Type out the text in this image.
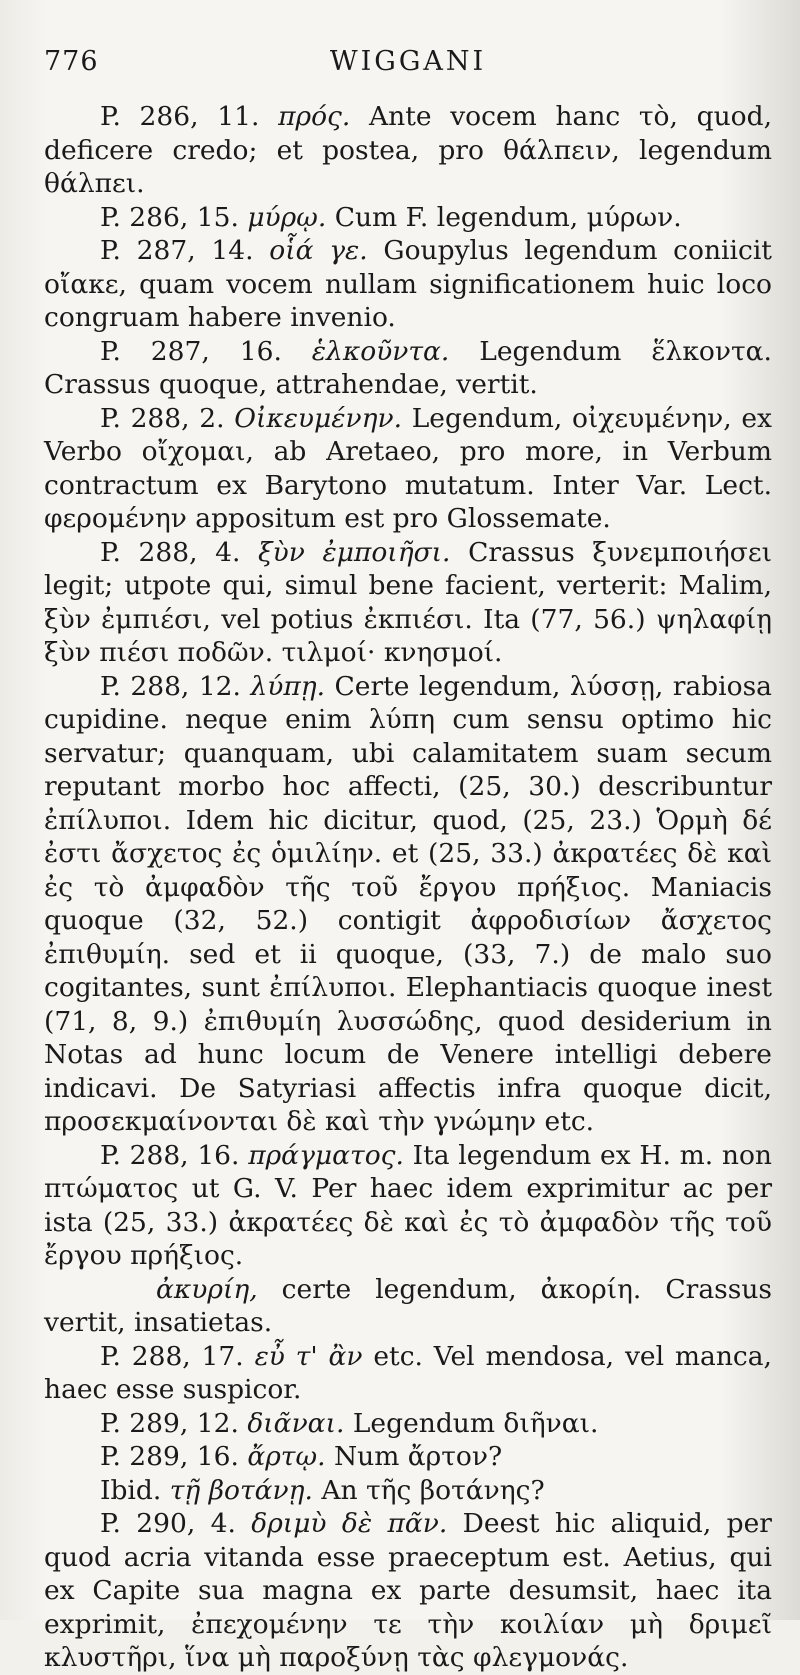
776	WIGGANI

P. 286, 11. πρός. Ante vocem hanc τὸ, quod, deficere credo; et postea, pro θάλπειν, legendum θάλπει.

P. 286, 15. μύρῳ. Cum F. legendum, μύρων.

P. 287, 14. οἷά γε. Goupylus legendum coniicit οἴακε, quam vocem nullam significationem huic loco congruam habere invenio.

P. 287, 16. ἑλκοῦντα. Legendum ἕλκοντα. Crassus quoque, attrahendae, vertit.

P. 288, 2. Οἰκευμένην. Legendum, οἰχευμένην, ex Verbo οἴχομαι, ab Aretaeo, pro more, in Verbum contractum ex Barytono mutatum. Inter Var. Lect. φερομένην appositum est pro Glossemate.

P. 288, 4. ξὺν ἐμποιῆσι. Crassus ξυνεμποιήσει legit; utpote qui, simul bene facient, verterit: Malim, ξὺν ἐμπιέσι, vel potius ἐκπιέσι. Ita (77, 56.) ψηλαφίῃ ξὺν πιέσι ποδῶν. τιλμοί· κνησμοί.

P. 288, 12. λύπῃ. Certe legendum, λύσσῃ, rabiosa cupidine. neque enim λύπη cum sensu optimo hic servatur; quanquam, ubi calamitatem suam secum reputant morbo hoc affecti, (25, 30.) describuntur ἐπίλυποι. Idem hic dicitur, quod, (25, 23.) Ὁρμὴ δέ ἐστι ἄσχετος ἐς ὁμιλίην. et (25, 33.) ἀκρατέες δὲ καὶ ἐς τὸ ἀμφαδὸν τῆς τοῦ ἔργου πρήξιος. Maniacis quoque (32, 52.) contigit ἀφροδισίων ἄσχετος ἐπιθυμίη. sed et ii quoque, (33, 7.) de malo suo cogitantes, sunt ἐπίλυποι. Elephantiacis quoque inest (71, 8, 9.) ἐπιθυμίη λυσσώδης, quod desiderium in Notas ad hunc locum de Venere intelligi debere indicavi. De Satyriasi affectis infra quoque dicit, προσεκμαίνονται δὲ καὶ τὴν γνώμην etc.

P. 288, 16. πράγματος. Ita legendum ex H. m. non πτώματος ut G. V. Per haec idem exprimitur ac per ista (25, 33.) ἀκρατέες δὲ καὶ ἐς τὸ ἀμφαδὸν τῆς τοῦ ἔργου πρήξιος.

ἀκυρίη, certe legendum, ἀκορίη. Crassus vertit, insatietas.

P. 288, 17. εὖ τ' ἂν etc. Vel mendosa, vel manca, haec esse suspicor.

P. 289, 12. διᾶναι. Legendum διῆναι.

P. 289, 16. ἄρτῳ. Num ἄρτον?

Ibid. τῇ βοτάνῃ. An τῆς βοτάνης?

P. 290, 4. δριμὺ δὲ πᾶν. Deest hic aliquid, per quod acria vitanda esse praeceptum est. Aetius, qui ex Capite sua magna ex parte desumsit, haec ita exprimit, ἐπεχομένην τε τὴν κοιλίαν μὴ δριμεῖ κλυστῆρι, ἵνα μὴ παροξύνῃ τὰς φλεγμονάς.
